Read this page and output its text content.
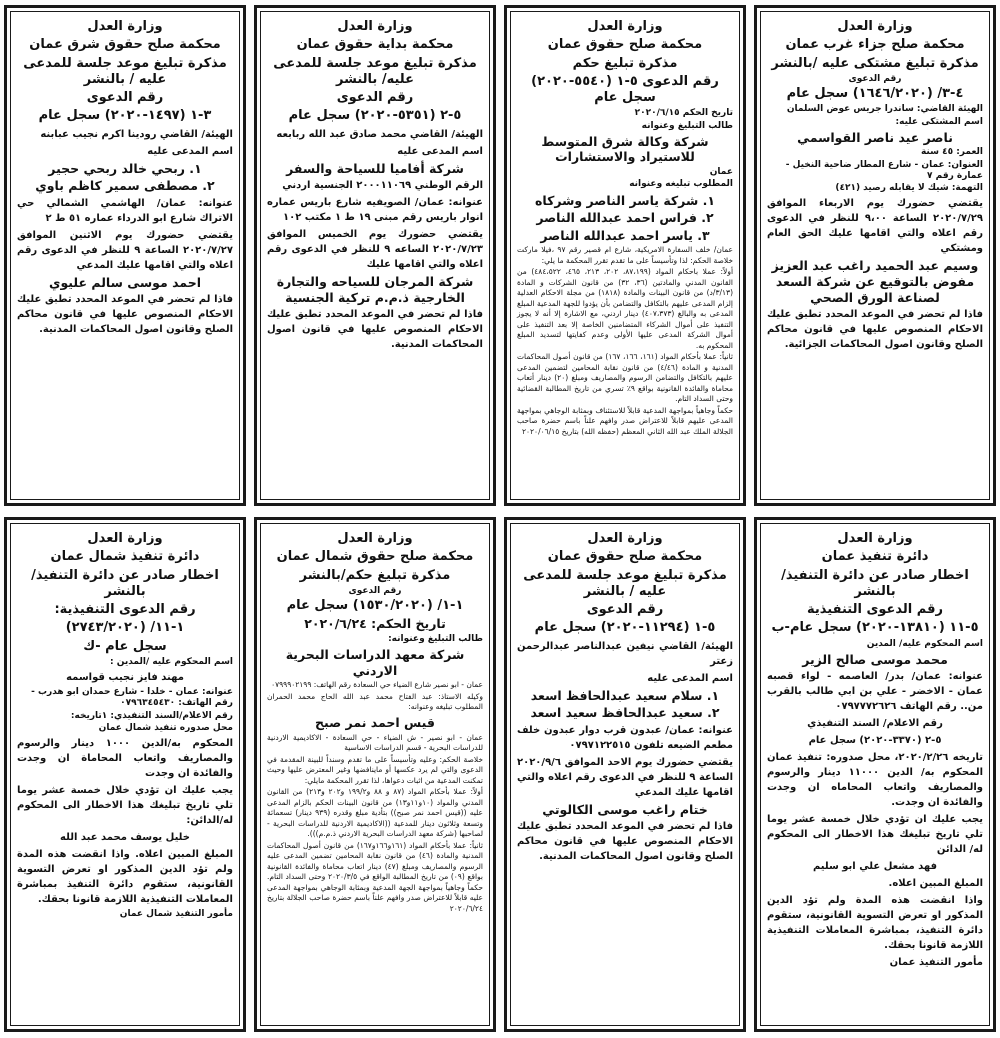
وزارة العدل

محكمة صلح جزاء غرب عمان

مذكرة تبليغ مشتكى عليه /بالنشر

رقم الدعوى

٤-٣/ (١٦٤٦/٢٠٢٠) سجل عام

الهيئة القاضي: ساندرا جريس عوض السلمان

اسم المشتكى عليه:

ناصر عيد ناصر القواسمي

العمر: ٤٥ سنة

العنوان: عمان - شارع المطار ضاحية النخيل - عمارة رقم ٧

التهمة: شيك لا يقابله رصيد (٤٢١)

يقتضي حضورك يوم الاربعاء الموافق ٢٠٢٠/٧/٢٩ الساعة ٩،٠٠ للنظر في الدعوى رقم اعلاه والتي اقامها عليك الحق العام ومشتكي

وسيم عبد الحميد راغب عبد العزيز مفوض بالتوقيع عن شركة السعد لصناعة الورق الصحي

فاذا لم تحضر في الموعد المحدد تطبق عليك الاحكام المنصوص عليها في قانون محاكم الصلح وقانون اصول المحاكمات الجزائية.

وزارة العدل

محكمة صلح حقوق عمان

مذكرة تبليغ حكم

رقم الدعوى ٥-١ (٥٥٤٠-٢٠٢٠) سجل عام

تاريخ الحكم ٢٠٢٠/٦/١٥

طالب التبليغ وعنوانه

شركة وكالة شرق المتوسط للاستيراد والاستشارات

عمان

المطلوب تبليغه وعنوانه

١. شركة ياسر الناصر وشركاه

٢. فراس احمد عبدالله الناصر

٣. ياسر احمد عبدالله الناصر

عمان/ خلف السفارة الامريكية، شارع ام قصير رقم ٩٧ ،فيلا ماركت خلاصة الحكم: لذا وتأسيساً على ما تقدم تقرر المحكمة ما يلي:

أولاً: عملا باحكام المواد (٨٧،١٩٩، ٢٠٢، ٢١٣، ٤٦٥، ٤٨٤،٥٢٢) من القانون المدني والمادتين (٣٦، ٣٢) من قانون الشركات و المادة (٣/١٣/د) من قانون البينات والمادة (١٨١٨) من مجلة الاحكام العدلية إلزام المدعى عليهم بالتكافل والتضامن بأن يؤدوا للجهة المدعية المبلغ المدعى به والبالغ (٤٠٧،٣٧٣) دينار اردني، مع الاشارة إلا أنه لا يجوز التنفيذ على أموال الشركاء المتضامنين الخاصة إلا بعد التنفيذ على أموال الشركة المدعى عليها الأولى وعدم كفايتها لتسديد المبلغ المحكوم به.

ثانياً: عملا بأحكام المواد (١٦١، ١٦٦، ١٦٧) من قانون أصول المحاكمات المدنية و المادة (٤/٤٦) من قانون نقابة المحامين لتضمين المدعى عليهم بالتكافل والتضامن الرسوم والمصاريف ومبلغ (٢٠) دينار أتعاب محاماة والفائدة القانونية بواقع ٩٪ تسري من تاريخ المطالبة القضائية وحتى السداد التام.

حكماً وجاهياً بمواجهة المدعية قابلاً للاستئناف وبمثابة الوجاهي بمواجهة المدعى عليهم قابلاً للاعتراض صدر وافهم علناً باسم حضرة صاحب الجلالة الملك عبد الله الثاني المعظم (حفظه الله) بتاريخ ٢٠٢٠/٠٦/١٥

وزارة العدل

محكمة بداية حقوق عمان

مذكرة تبليغ موعد جلسة للمدعى عليه/ بالنشر

رقم الدعوى

٥-٢ (٥٣٥١-٢٠٢٠) سجل عام

الهيئة/ القاضي محمد صادق عبد الله ربابعه

اسم المدعى عليه

شركة أفاميا للسياحة والسفر

الرقم الوطني ٢٠٠٠١١٠٦٩ الجنسية اردني

عنوانه: عمان/ الصويفيه شارع باريس عماره انوار باريس رقم مبنى ١٩ ط ١ مكتب ١٠٢

يقتضي حضورك يوم الخميس الموافق ٢٠٢٠/٧/٢٣ الساعه ٩ للنظر في الدعوى رقم اعلاه والتي اقامها عليك

شركة المرجان للسياحه والتجارة الخارجية ذ.م.م تركية الجنسية

فاذا لم تحضر في الموعد المحدد تطبق عليك الاحكام المنصوص عليها في قانون اصول المحاكمات المدنية.

وزارة العدل

محكمة صلح حقوق شرق عمان

مذكرة تبليغ موعد جلسة للمدعى عليه / بالنشر

رقم الدعوى

٣-١ (١٤٩٧-٢٠٢٠) سجل عام

الهيئة/ القاضي رودينا اكرم نجيب عبابنه

اسم المدعى عليه

١. ربحي خالد ربحي حجير

٢. مصطفى سمير كاظم باوي

عنوانه: عمان/ الهاشمي الشمالي حي الاتراك شارع ابو الدرداء عماره ٥١ ط ٢

يقتضي حضورك يوم الاثنين الموافق ٢٠٢٠/٧/٢٧ الساعة ٩ للنظر في الدعوى رقم اعلاه والتي اقامها عليك المدعي

احمد موسى سالم عليوي

فاذا لم تحضر في الموعد المحدد تطبق عليك الاحكام المنصوص عليها في قانون محاكم الصلح وقانون اصول المحاكمات المدنية.

وزارة العدل

دائرة تنفيذ عمان

اخطار صادر عن دائرة التنفيذ/بالنشر

رقم الدعوى التنفيذية

٥-١١ (١٣٨١٠-٢٠٢٠) سجل عام-ب

اسم المحكوم عليه/ المدين

محمد موسى صالح الزير

عنوانه: عمان/ بدر/ العاصمه - لواء قصبه عمان - الاخضر - علي بن ابي طالب بالقرب من.. رقم الهاتف ٠٧٩٧٧٧٢٦٢٦

رقم الاعلام/ السند التنفيذي

٥-٢ (٣٣٧٠-٢٠٢٠) سجل عام

تاريخه ٢٠٢٠/٢/٢٦، محل صدوره: تنفيذ عمان المحكوم به/ الدين ١١٠٠٠ دينار والرسوم والمصاريف واتعاب المحاماه ان وجدت والفائدة ان وجدت.

يجب عليك ان تؤدي خلال خمسة عشر يوما تلي تاريخ تبليغك هذا الاخطار الى المحكوم له/ الدائن

فهد مشعل علي ابو سليم

المبلغ المبين اعلاه.

واذا انقضت هذه المدة ولم تؤد الدين المذكور او تعرض التسوية القانونية، ستقوم دائرة التنفيذ، بمباشرة المعاملات التنفيذية اللازمة قانونا بحقك.

مأمور التنفيذ عمان

وزارة العدل

محكمة صلح حقوق عمان

مذكرة تبليغ موعد جلسة للمدعى عليه / بالنشر

رقم الدعوى

٥-١ (١١٢٩٤-٢٠٢٠) سجل عام

الهيئة/ القاضي نيفين عبدالناصر عبدالرحمن زعتر

اسم المدعى عليه

١. سلام سعيد عبدالحافظ اسعد

٢. سعيد عبدالحافظ سعيد اسعد

عنوانه: عمان/ عبدون قرب دوار عبدون خلف مطعم الضيعه تلفون ٠٧٩٧١٢٢٥١٥

يقتضي حضورك يوم الاحد الموافق ٢٠٢٠/٩/٦ الساعة ٩ للنظر في الدعوى رقم اعلاه والتي اقامها عليك المدعي

ختام راغب موسى الكالوتي

فاذا لم تحضر في الموعد المحدد تطبق عليك الاحكام المنصوص عليها في قانون محاكم الصلح وقانون اصول المحاكمات المدنية.

وزارة العدل

محكمة صلح حقوق شمال عمان

مذكرة تبليغ حكم/بالنشر

رقم الدعوى

١-١/ (١٥٣٠/٢٠٢٠) سجل عام

تاريخ الحكم: ٢٠٢٠/٦/٢٤

طالب التبليغ وعنوانه:

شركة معهد الدراسات البحرية الاردني

عمان - ابو نصير شارع الضياء حي السعادة رقم الهاتف: ٠٧٩٩٩٠٢١٩٩

وكيله الاستاذ: عبد الفتاح محمد عبد الله الحاج محمد الحمران المطلوب تبليغه وعنوانه:

قيس احمد نمر صبح

عمان - ابو نصير - ش الضياء - حي السعادة - الاكاديمية الاردنية للدراسات البحرية - قسم الدراسات الاساسية

خلاصة الحكم: وعليه وتأسيساً على ما تقدم وسنداً للبينة المقدمة في الدعوى والتي لم يرد عكسها أو ماينافضها وغير المعترض عليها وحيث تمكنت المدعية من اثبات دعواها، لذا تقرر المحكمة مايلي:

أولاً: عملا بأحكام المواد (٨٧ و ٨٨ و١٩٩/٢ و٢٠٢ و٢١٣) من القانون المدني والمواد (١٠و١١و١٣) من قانون البينات الحكم بالزام المدعى عليه ((قيس احمد نمر صبح)) بتأدية مبلغ وقدره (٩٣٩ دينار) تسعمائة وتسعة وثلاثون دينار للمدعية ((الاكاديمية الاردنية للدراسات البحرية - لصاحبها (شركة معهد الدراسات البحرية الاردني ذ.م.م))).

ثانياً: عملا بأحكام المواد (١٦١و١٦٦و١٦٧) من قانون أصول المحاكمات المدنية والمادة (٤٦) من قانون نقابة المحامين تضمين المدعى عليه الرسوم والمصاريف ومبلغ (٤٧) دينار اتعاب محاماة والفائدة القانونية بواقع (٠٩) من تاريخ المطالبة الواقع في ٢٠٢٠/٣/٥ وحتى السداد التام. حكماً وجاهياً بمواجهة الجهة المدعية وبمثابة الوجاهي بمواجهة المدعى عليه قابلاً للاعتراض صدر وافهم علناً باسم حضرة صاحب الجلالة بتاريخ ٢٠٢٠/٦/٢٤

وزارة العدل

دائرة تنفيذ شمال عمان

اخطار صادر عن دائرة التنفيذ/بالنشر

رقم الدعوى التنفيذية:

١-١١/ (٢٧٤٣/٢٠٢٠)

سجل عام -ك

اسم المحكوم عليه /المدين :

مهند فايز نجيب قواسمه

عنوانه: عمان - خلدا - شارع حمدان ابو هدرب - رقم الهاتف: ٠٧٩٦٣٤٥٤٣٠

رقم الاعلام/السند التنفيذي: ١تاريخه:

محل صدوره تنفيذ شمال عمان

المحكوم به/الدين ١٠٠٠ دينار والرسوم والمصاريف واتعاب المحاماة ان وجدت والفائدة ان وجدت

يجب عليك ان تؤدي خلال خمسة عشر يوما تلي تاريخ تبليغك هذا الاخطار الى المحكوم له/الدائن:

خليل يوسف محمد عبد الله

المبلغ المبين اعلاه. واذا انقضت هذه المدة ولم تؤد الدين المذكور او تعرض التسوية القانونية، ستقوم دائرة التنفيذ بمباشرة المعاملات التنفيذية اللازمة قانونا بحقك.

مأمور التنفيذ شمال عمان
